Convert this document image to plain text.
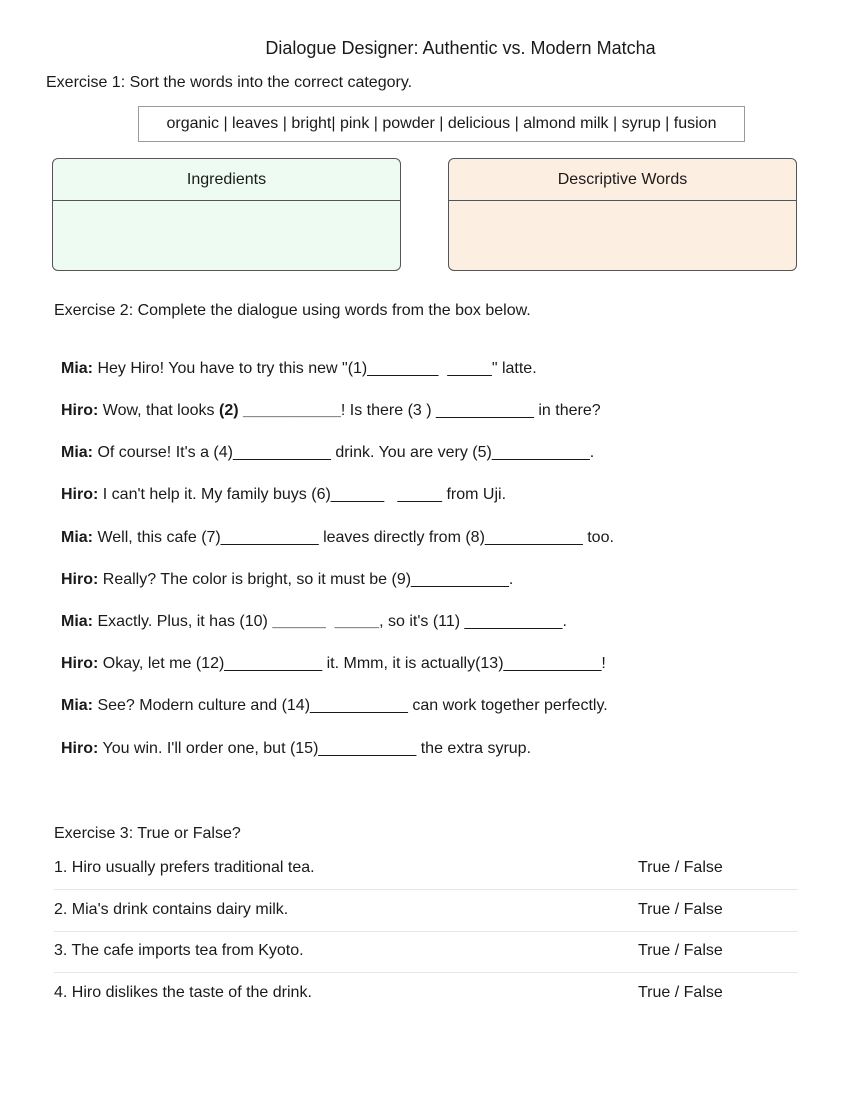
Dialogue Designer: Authentic vs. Modern Matcha
Exercise 1: Sort the words into the correct category.
organic | leaves | bright| pink | powder | delicious | almond milk | syrup | fusion
Ingredients	Descriptive Words
Exercise 2: Complete the dialogue using words from the box below.
Mia: Hey Hiro! You have to try this new "(1)________  _____" latte.
Hiro: Wow, that looks (2) ___________! Is there (3 ) ___________ in there?
Mia: Of course! It's a (4)___________ drink. You are very (5)___________.
Hiro: I can't help it. My family buys (6)______   _____ from Uji.
Mia: Well, this cafe (7)___________ leaves directly from (8)___________ too.
Hiro: Really? The color is bright, so it must be (9)___________.
Mia: Exactly. Plus, it has (10) ______  _____, so it's (11) ___________.
Hiro: Okay, let me (12)___________ it. Mmm, it is actually(13)___________!
Mia: See? Modern culture and (14)___________ can work together perfectly.
Hiro: You win. I'll order one, but (15)___________ the extra syrup.
Exercise 3: True or False?
1. Hiro usually prefers traditional tea.	True / False
2. Mia's drink contains dairy milk.	True / False
3. The cafe imports tea from Kyoto.	True / False
4. Hiro dislikes the taste of the drink.	True / False
